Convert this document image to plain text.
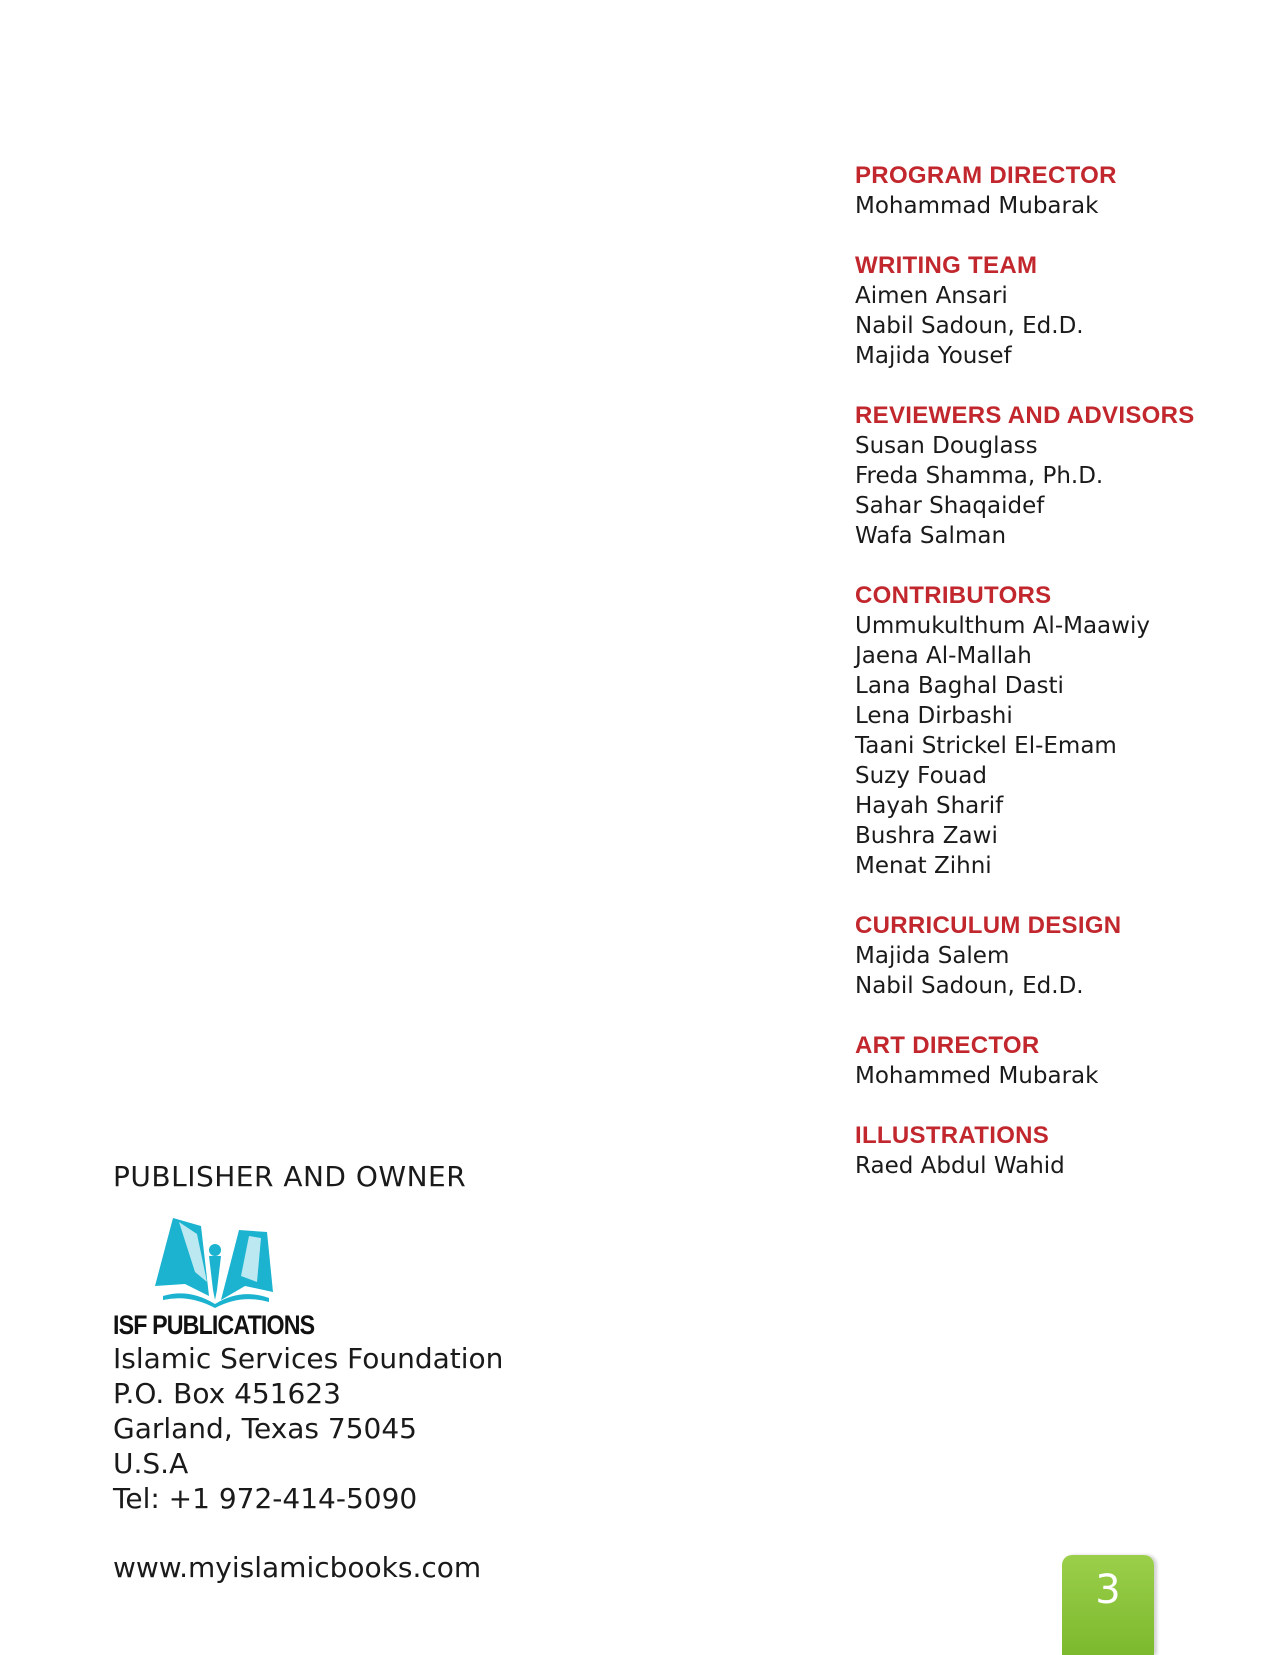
PROGRAM DIRECTOR
Mohammad Mubarak
WRITING TEAM
Aimen Ansari
Nabil Sadoun, Ed.D.
Majida Yousef
REVIEWERS AND ADVISORS
Susan Douglass
Freda Shamma, Ph.D.
Sahar Shaqaidef
Wafa Salman
CONTRIBUTORS
Ummukulthum Al-Maawiy
Jaena Al-Mallah
Lana Baghal Dasti
Lena Dirbashi
Taani Strickel El-Emam
Suzy Fouad
Hayah Sharif
Bushra Zawi
Menat Zihni
CURRICULUM DESIGN
Majida Salem
Nabil Sadoun, Ed.D.
ART DIRECTOR
Mohammed Mubarak
ILLUSTRATIONS
Raed Abdul Wahid
PUBLISHER AND OWNER
ISF PUBLICATIONS
Islamic Services Foundation
P.O. Box 451623
Garland, Texas 75045
U.S.A
Tel: +1 972-414-5090
www.myislamicbooks.com	3
